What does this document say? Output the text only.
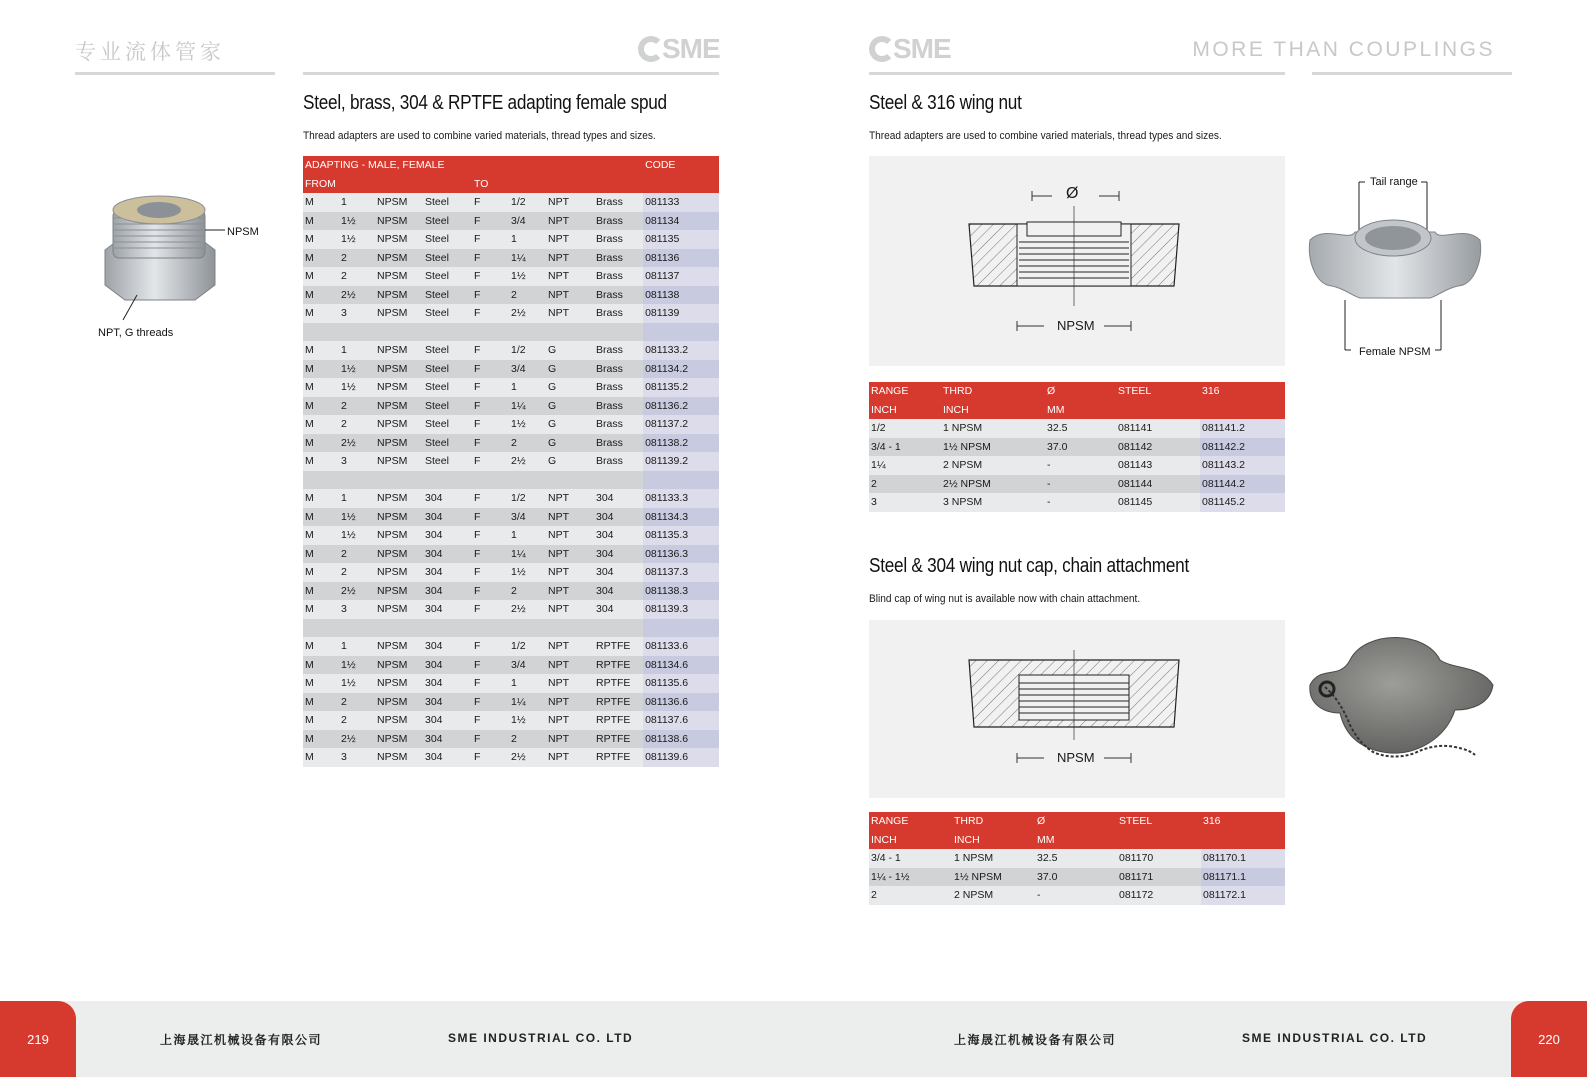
专业流体管家	SME	SME	MORE THAN COUPLINGS
NPSM
NPT, G threads
Steel, brass, 304 & RPTFE adapting female spud
Thread adapters are used to combine varied materials, thread types and sizes.
ADAPTING - MALE, FEMALE								CODE
FROM				TO				
M	1	NPSM	Steel	F	1/2	NPT	Brass	081133
M	1½	NPSM	Steel	F	3/4	NPT	Brass	081134
M	1½	NPSM	Steel	F	1	NPT	Brass	081135
M	2	NPSM	Steel	F	1¼	NPT	Brass	081136
M	2	NPSM	Steel	F	1½	NPT	Brass	081137
M	2½	NPSM	Steel	F	2	NPT	Brass	081138
M	3	NPSM	Steel	F	2½	NPT	Brass	081139

M	1	NPSM	Steel	F	1/2	G	Brass	081133.2
M	1½	NPSM	Steel	F	3/4	G	Brass	081134.2
M	1½	NPSM	Steel	F	1	G	Brass	081135.2
M	2	NPSM	Steel	F	1¼	G	Brass	081136.2
M	2	NPSM	Steel	F	1½	G	Brass	081137.2
M	2½	NPSM	Steel	F	2	G	Brass	081138.2
M	3	NPSM	Steel	F	2½	G	Brass	081139.2

M	1	NPSM	304	F	1/2	NPT	304	081133.3
M	1½	NPSM	304	F	3/4	NPT	304	081134.3
M	1½	NPSM	304	F	1	NPT	304	081135.3
M	2	NPSM	304	F	1¼	NPT	304	081136.3
M	2	NPSM	304	F	1½	NPT	304	081137.3
M	2½	NPSM	304	F	2	NPT	304	081138.3
M	3	NPSM	304	F	2½	NPT	304	081139.3

M	1	NPSM	304	F	1/2	NPT	RPTFE	081133.6
M	1½	NPSM	304	F	3/4	NPT	RPTFE	081134.6
M	1½	NPSM	304	F	1	NPT	RPTFE	081135.6
M	2	NPSM	304	F	1¼	NPT	RPTFE	081136.6
M	2	NPSM	304	F	1½	NPT	RPTFE	081137.6
M	2½	NPSM	304	F	2	NPT	RPTFE	081138.6
M	3	NPSM	304	F	2½	NPT	RPTFE	081139.6
Steel & 316 wing nut
Thread adapters are used to combine varied materials, thread types and sizes.
Ø
NPSM
Tail range
Female NPSM
RANGE	THRD	Ø	STEEL	316
INCH	INCH	MM		
1/2	1 NPSM	32.5	081141	081141.2
3/4 - 1	1½ NPSM	37.0	081142	081142.2
1¼	2 NPSM	-	081143	081143.2
2	2½ NPSM	-	081144	081144.2
3	3 NPSM	-	081145	081145.2
Steel & 304 wing nut cap, chain attachment
Blind cap of wing nut is available now with chain attachment.
NPSM
RANGE	THRD	Ø	STEEL	316
INCH	INCH	MM		
3/4 - 1	1 NPSM	32.5	081170	081170.1
1¼ - 1½	1½ NPSM	37.0	081171	081171.1
2	2 NPSM	-	081172	081172.1
219	220
上海晟江机械设备有限公司	SME INDUSTRIAL CO. LTD	上海晟江机械设备有限公司	SME INDUSTRIAL CO. LTD
